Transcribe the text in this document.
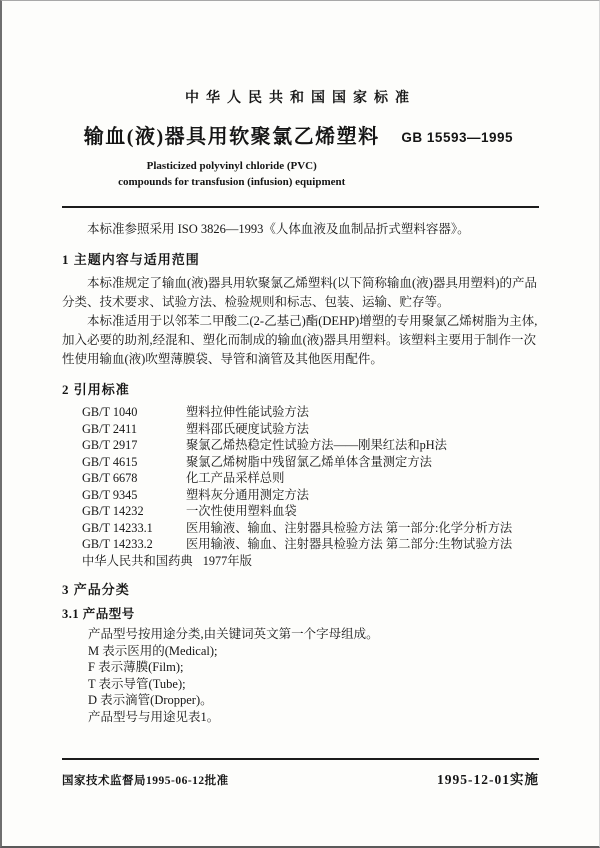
中华人民共和国国家标准
输血(液)器具用软聚氯乙烯塑料
Plasticized polyvinyl chloride (PVC)
compounds for transfusion (infusion) equipment
GB 15593—1995

本标准参照采用 ISO 3826—1993《人体血液及血制品折式塑料容器》。

1 主题内容与适用范围

本标准规定了输血(液)器具用软聚氯乙烯塑料(以下简称输血(液)器具用塑料)的产品分类、技术要求、试验方法、检验规则和标志、包装、运输、贮存等。

本标准适用于以邻苯二甲酸二(2-乙基己)酯(DEHP)增塑的专用聚氯乙烯树脂为主体,加入必要的助剂,经混和、塑化而制成的输血(液)器具用塑料。该塑料主要用于制作一次性使用输血(液)吹塑薄膜袋、导管和滴管及其他医用配件。

2 引用标准
GB/T 1040	塑料拉伸性能试验方法
GB/T 2411	塑料邵氏硬度试验方法
GB/T 2917	聚氯乙烯热稳定性试验方法——刚果红法和pH法
GB/T 4615	聚氯乙烯树脂中残留氯乙烯单体含量测定方法
GB/T 6678	化工产品采样总则
GB/T 9345	塑料灰分通用测定方法
GB/T 14232	一次性使用塑料血袋
GB/T 14233.1	医用输液、输血、注射器具检验方法 第一部分:化学分析方法
GB/T 14233.2	医用输液、输血、注射器具检验方法 第二部分:生物试验方法
中华人民共和国药典 1977年版
3 产品分类
3.1 产品型号

产品型号按用途分类,由关键词英文第一个字母组成。

M 表示医用的(Medical);

F 表示薄膜(Film);

T 表示导管(Tube);

D 表示滴管(Dropper)。

产品型号与用途见表1。

国家技术监督局1995-06-12批准	1995-12-01实施
